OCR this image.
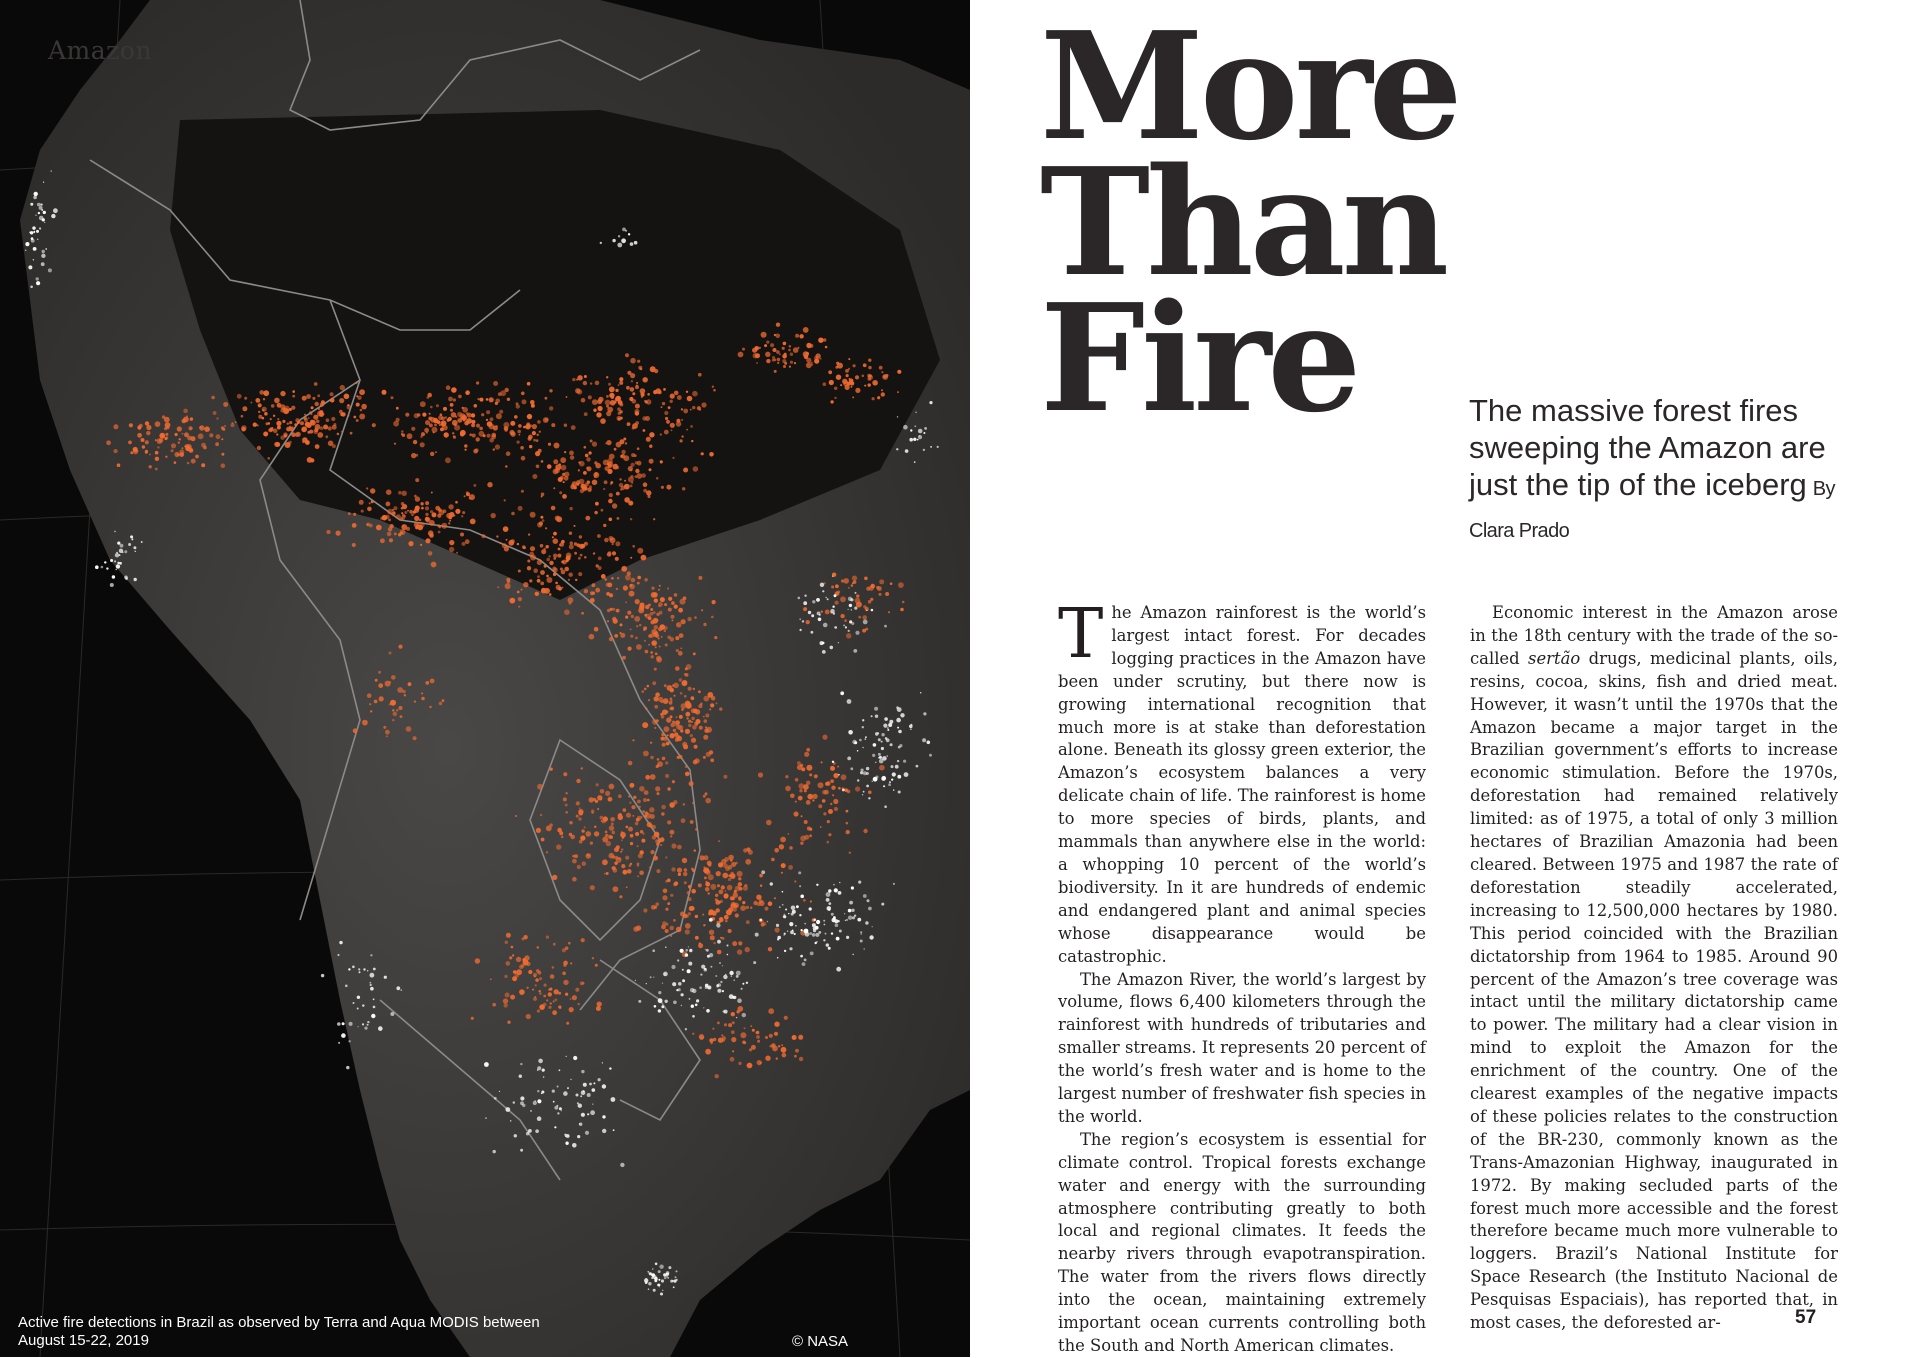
Amazon
Active fire detections in Brazil as observed by Terra and Aqua MODIS between August 15-22, 2019	© NASA
More
Than
Fire	The massive forest fires sweeping the Amazon are just the tip of the iceberg By Clara Prado

The Amazon rainforest is the world’s largest intact forest. For decades logging practices in the Amazon have been under scrutiny, but there now is growing international recognition that much more is at stake than deforestation alone. Beneath its glossy green exterior, the Amazon’s ecosystem balances a very delicate chain of life. The rainforest is home to more species of birds, plants, and mammals than anywhere else in the world: a whopping 10 percent of the world’s biodiversity. In it are hundreds of endemic and endangered plant and animal species whose disappearance would be catastrophic.

The Amazon River, the world’s largest by volume, flows 6,400 kilometers through the rainforest with hundreds of tributaries and smaller streams. It represents 20 percent of the world’s fresh water and is home to the largest number of freshwater fish species in the world.

The region’s ecosystem is essential for climate control. Tropical forests exchange water and energy with the surrounding atmosphere contributing greatly to both local and regional climates. It feeds the nearby rivers through evapotranspiration. The water from the rivers flows directly into the ocean, maintaining extremely important ocean currents controlling both the South and North American climates.

Economic interest in the Amazon arose in the 18th century with the trade of the so-called sertão drugs, medicinal plants, oils, resins, cocoa, skins, fish and dried meat. However, it wasn’t until the 1970s that the Amazon became a major target in the Brazilian government’s efforts to increase economic stimulation. Before the 1970s, deforestation had remained relatively limited: as of 1975, a total of only 3 million hectares of Brazilian Amazonia had been cleared. Between 1975 and 1987 the rate of deforestation steadily accelerated, increasing to 12,500,000 hectares by 1980. This period coincided with the Brazilian dictatorship from 1964 to 1985. Around 90 percent of the Amazon’s tree coverage was intact until the military dictatorship came to power. The military had a clear vision in mind to exploit the Amazon for the enrichment of the country. One of the clearest examples of the negative impacts of these policies relates to the construction of the BR-230, commonly known as the Trans-Amazonian Highway, inaugurated in 1972. By making secluded parts of the forest much more accessible and the forest therefore became much more vulnerable to loggers. Brazil’s National Institute for Space Research (the Instituto Nacional de Pesquisas Espaciais), has reported that, in most cases, the deforested ar-	57
